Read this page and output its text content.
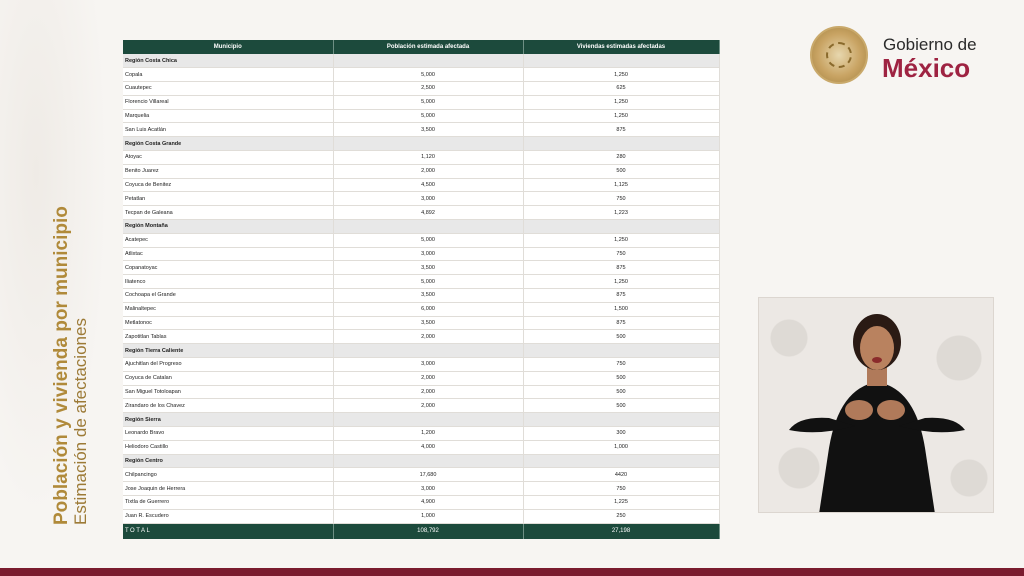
Población y vivienda por municipio
Estimación de afectaciones
Municipio	Población estimada afectada	Viviendas estimadas afectadas
Región Costa Chica		
Copala	5,000	1,250
Cuautepec	2,500	625
Florencio Villareal	5,000	1,250
Marquelia	5,000	1,250
San Luis Acatlán	3,500	875
Región Costa Grande		
Atoyac	1,120	280
Benito Juarez	2,000	500
Coyuca de Benitez	4,500	1,125
Petatlan	3,000	750
Tecpan de Galeana	4,892	1,223
Región Montaña		
Acatepec	5,000	1,250
Atlixtac	3,000	750
Copanatoyac	3,500	875
Iliatenco	5,000	1,250
Cochoapa el Grande	3,500	875
Malinaltepec	6,000	1,500
Metlatonoc	3,500	875
Zapotitlan Tablas	2,000	500
Región Tierra Caliente		
Ajuchitlan del Progreso	3,000	750
Coyuca de Catalan	2,000	500
San Miguel Totoloapan	2,000	500
Zirandaro de los Chavez	2,000	500
Región Sierra		
Leonardo Bravo	1,200	300
Heliodoro Castillo	4,000	1,000
Región Centro		
Chilpancingo	17,680	4420
Jose Joaquin de Herrera	3,000	750
Tixtla de Guerrero	4,900	1,225
Juan R. Escudero	1,000	250
TOTAL	108,792	27,198
Gobierno de
México
